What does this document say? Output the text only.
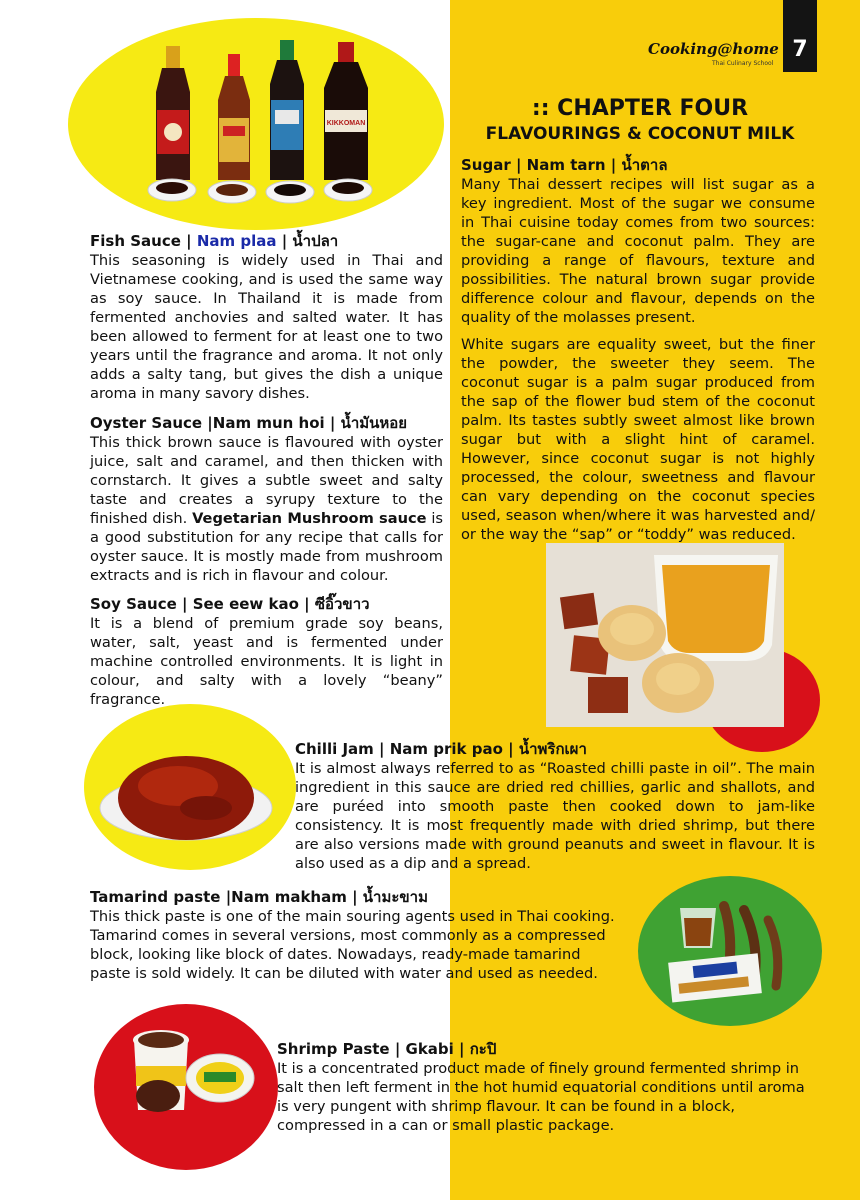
7
Cooking@home
Thai Culinary School
KIKKOMAN
:: CHAPTER FOUR
FLAVOURINGS & COCONUT MILK
Fish Sauce | Nam plaa | น้ำปลา

This seasoning is widely used in Thai and Vietnamese cooking, and is used the same way as soy sauce. In Thailand it is made from fermented anchovies and salted water. It has been allowed to ferment for at least one to two years until the fragrance and aroma. It not only adds a salty tang, but gives the dish a unique aroma in many savory dishes.

Oyster Sauce |Nam mun hoi | น้ำมันหอย

This thick brown sauce is flavoured with oyster juice, salt and caramel, and then thicken with cornstarch. It gives a subtle sweet and salty taste and creates a syrupy texture to the finished dish. Vegetarian Mushroom sauce is a good substitution for any recipe that calls for oyster sauce. It is mostly made from mushroom extracts and is rich in flavour and colour.

Soy Sauce | See eew kao | ซีอิ๊วขาว

It is a blend of premium grade soy beans, water, salt, yeast and is fermented under machine controlled environments. It is light in colour, and salty with a lovely “beany” fragrance.

Sugar | Nam tarn | น้ำตาล

Many Thai dessert recipes will list sugar as a key ingredient. Most of the sugar we consume in Thai cuisine today comes from two sources: the sugar-cane and coconut palm. They are providing a range of flavours, texture and possibilities. The natural brown sugar provide difference colour and flavour, depends on the quality of the molasses present.

White sugars are equality sweet, but the finer the powder, the sweeter they seem. The coconut sugar is a palm sugar produced from the sap of the flower bud stem of the coconut palm. Its tastes subtly sweet almost like brown sugar but with a slight hint of caramel. However, since coconut sugar is not highly processed, the colour, sweetness and flavour can vary depending on the coconut species used, season when/where it was harvested and/ or the way the “sap” or “toddy” was reduced.

Chilli Jam | Nam prik pao | น้ำพริกเผา

It is almost always referred to as “Roasted chilli paste in oil”. The main ingredient in this sauce are dried red chillies, garlic and shallots, and are puréed into smooth paste then cooked down to jam-like consistency. It is most frequently made with dried shrimp, but there are also versions made with ground peanuts and sweet in flavour. It is also used as a dip and a spread.

Tamarind paste |Nam makham | น้ำมะขาม

This thick paste is one of the main souring agents used in Thai cooking. Tamarind comes in several versions, most commonly as a compressed block, looking like block of dates. Nowadays, ready-made tamarind paste is sold widely. It can be diluted with water and used as needed.

Shrimp Paste | Gkabi | กะปิ

It is a concentrated product made of finely ground fermented shrimp in salt then left ferment in the hot humid equatorial conditions until aroma is very pungent with shrimp flavour. It can be found in a block, compressed in a can or small plastic package.
